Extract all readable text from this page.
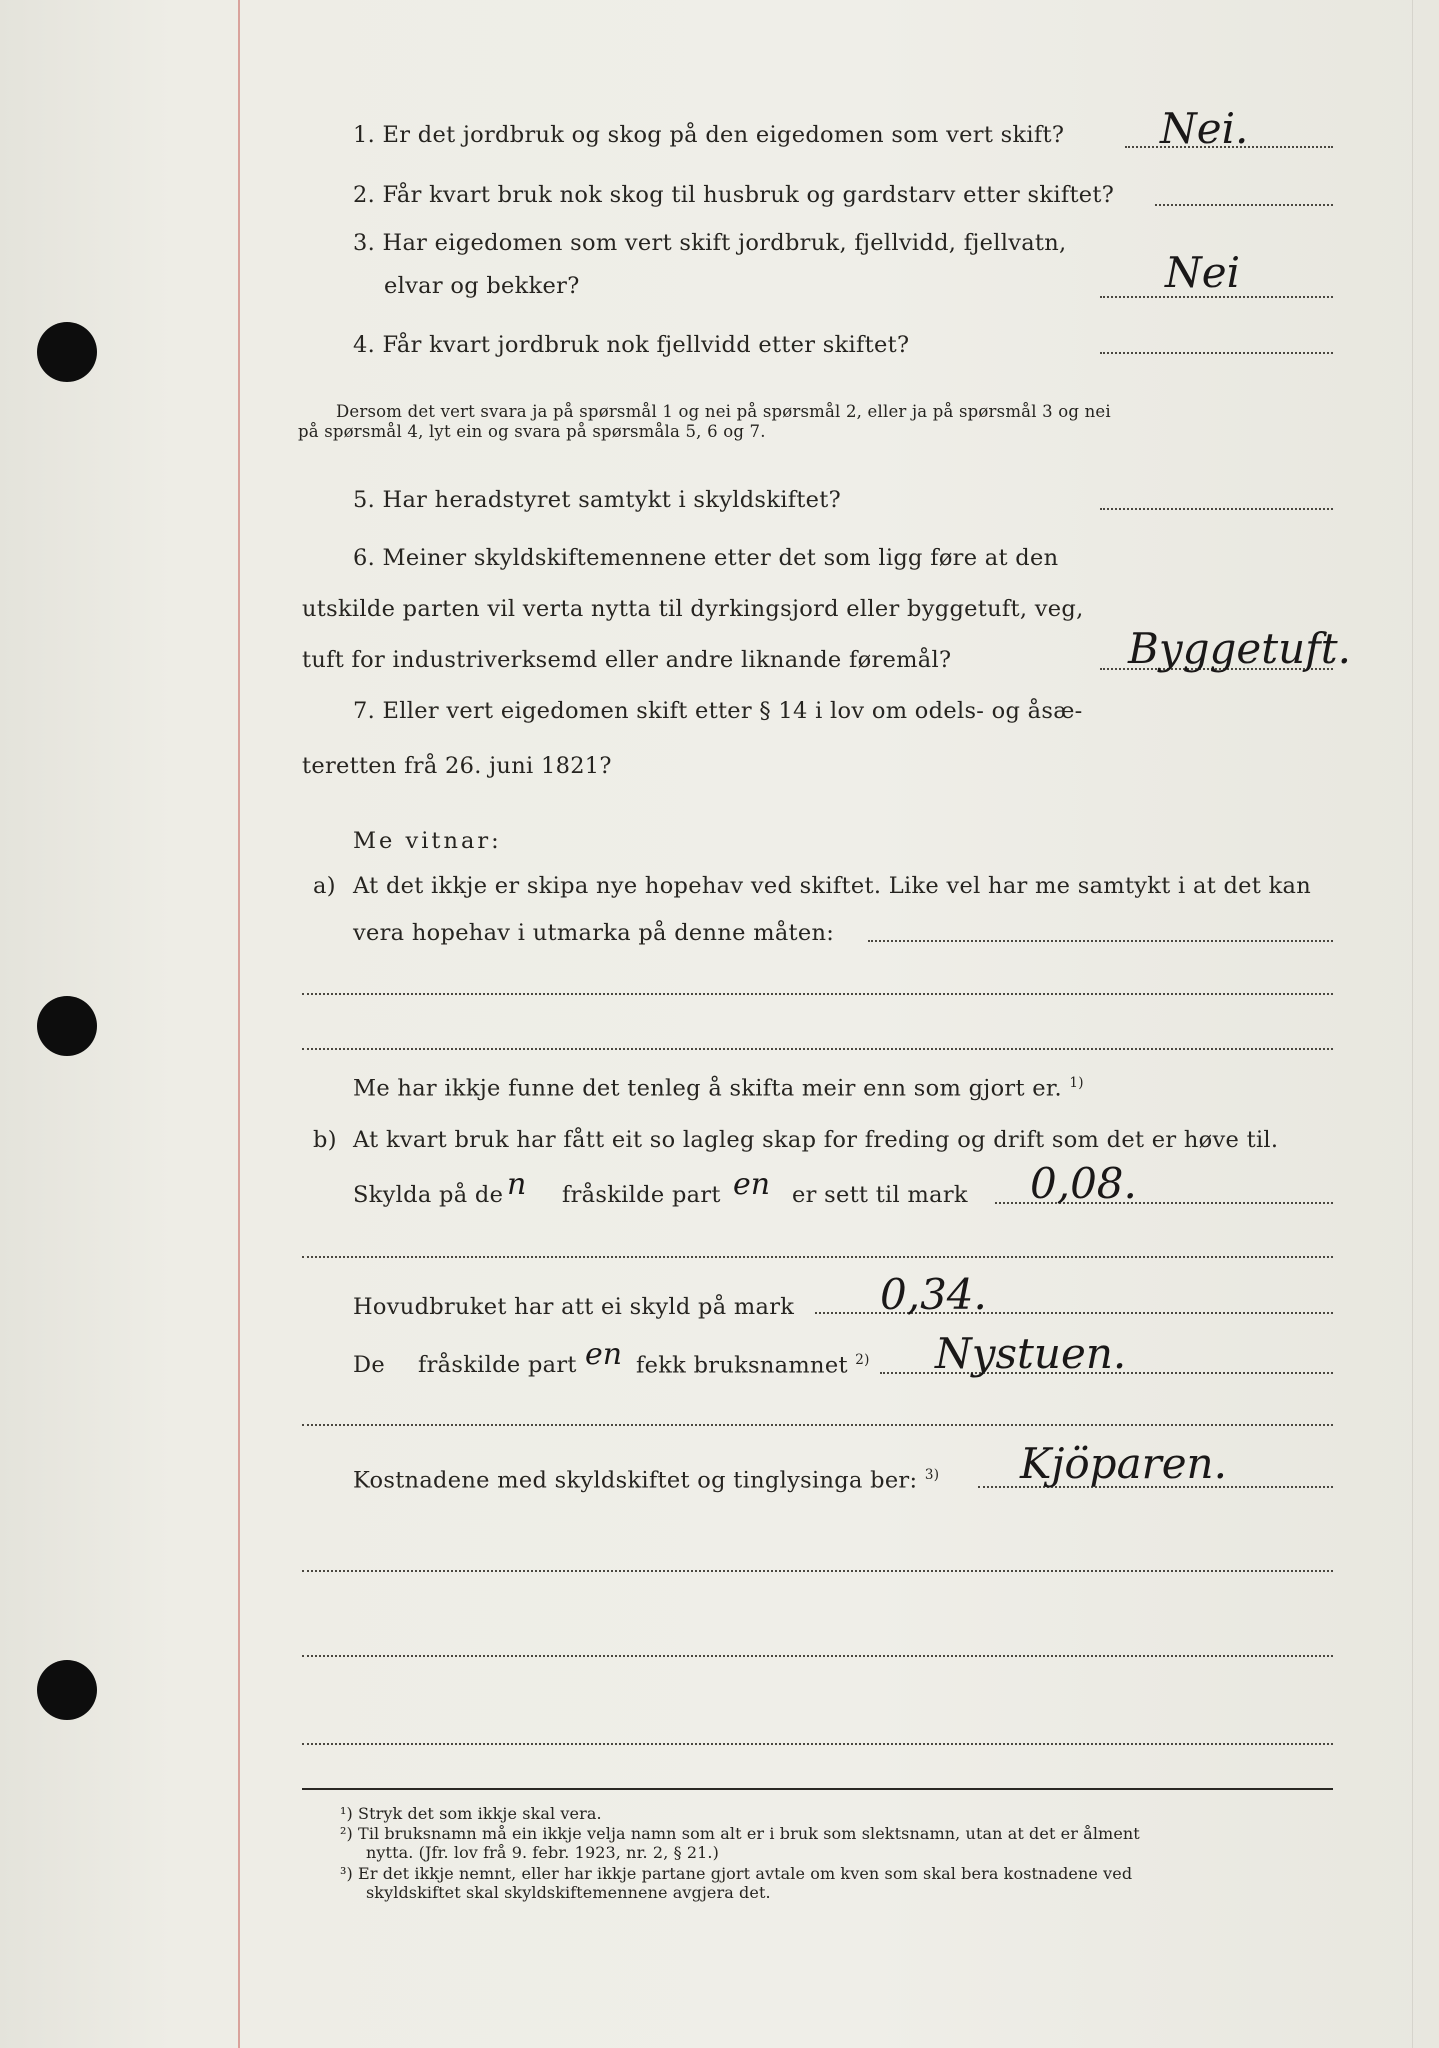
1. Er det jordbruk og skog på den eigedomen som vert skift? Nei.
2. Får kvart bruk nok skog til husbruk og gardstarv etter skiftet?
3. Har eigedomen som vert skift jordbruk, fjellvidd, fjellvatn,
elvar og bekker?	Nei
4. Får kvart jordbruk nok fjellvidd etter skiftet?
Dersom det vert svara ja på spørsmål 1 og nei på spørsmål 2, eller ja på spørsmål 3 og nei
på spørsmål 4, lyt ein og svara på spørsmåla 5, 6 og 7.
5. Har heradstyret samtykt i skyldskiftet?
6. Meiner skyldskiftemennene etter det som ligg føre at den
utskilde parten vil verta nytta til dyrkingsjord eller byggetuft, veg,
tuft for industriverksemd eller andre liknande føremål?	Byggetuft.
7. Eller vert eigedomen skift etter § 14 i lov om odels- og åsæ-
teretten frå 26. juni 1821?
Me vitnar:
a) At det ikkje er skipa nye hopehav ved skiftet. Like vel har me samtykt i at det kan
vera hopehav i utmarka på denne måten:
Me har ikkje funne det tenleg å skifta meir enn som gjort er. $^{1)}$
b) At kvart bruk har fått eit so lagleg skap for freding og drift som det er høve til.
Skylda på de n fråskilde part en er sett til mark 0,08.
Hovudbruket har att ei skyld på mark 0,34.
De fråskilde part en fekk bruksnamnet $^{2)}$ Nystuen.
Kostnadene med skyldskiftet og tinglysinga ber: $^{3)}$ Kjöparen.
¹) Stryk det som ikkje skal vera.
²) Til bruksnamn må ein ikkje velja namn som alt er i bruk som slektsnamn, utan at det er ålment
nytta. (Jfr. lov frå 9. febr. 1923, nr. 2, § 21.)
³) Er det ikkje nemnt, eller har ikkje partane gjort avtale om kven som skal bera kostnadene ved
skyldskiftet skal skyldskiftemennene avgjera det.
